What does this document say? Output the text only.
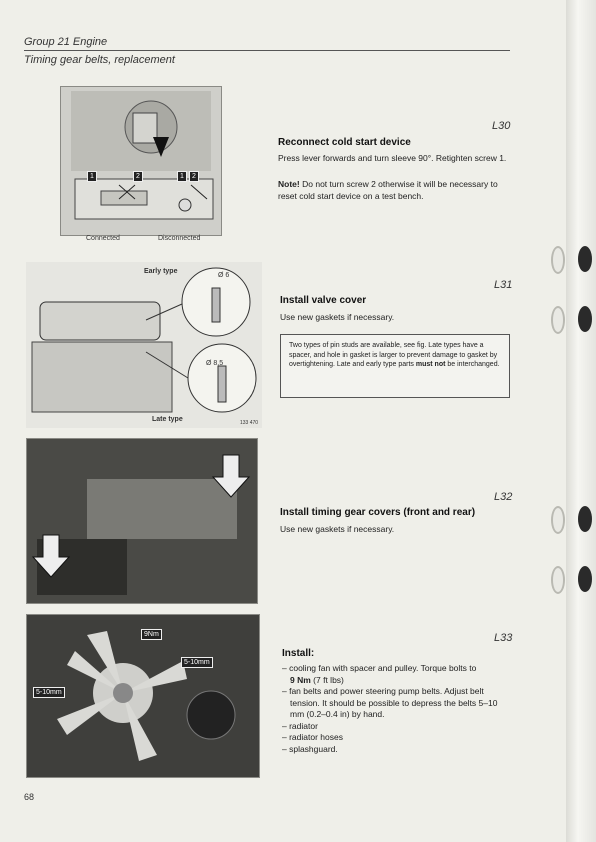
Group 21 Engine
Timing gear belts, replacement
1	2	1	2
Connected	Disconnected
Early type
Ø 6
Ø 8,5
Late type	133 470
9Nm
5-10mm
5-10mm
L30
Reconnect cold start device
Press lever forwards and turn sleeve 90°. Retighten screw 1.
Note! Do not turn screw 2 otherwise it will be necessary to reset cold start device on a test bench.
L31
Install valve cover
Use new gaskets if necessary.
Two types of pin studs are available, see fig. Late types have a spacer, and hole in gasket is larger to prevent damage to gasket by overtightening. Late and early type parts must not be interchanged.
L32
Install timing gear covers (front and rear)
Use new gaskets if necessary.
L33
Install:
– cooling fan with spacer and pulley. Torque bolts to
9 Nm (7 ft lbs)
– fan belts and power steering pump belts. Adjust belt tension. It should be possible to depress the belts 5–10 mm (0.2–0.4 in) by hand.
– radiator
– radiator hoses
– splashguard.
68
